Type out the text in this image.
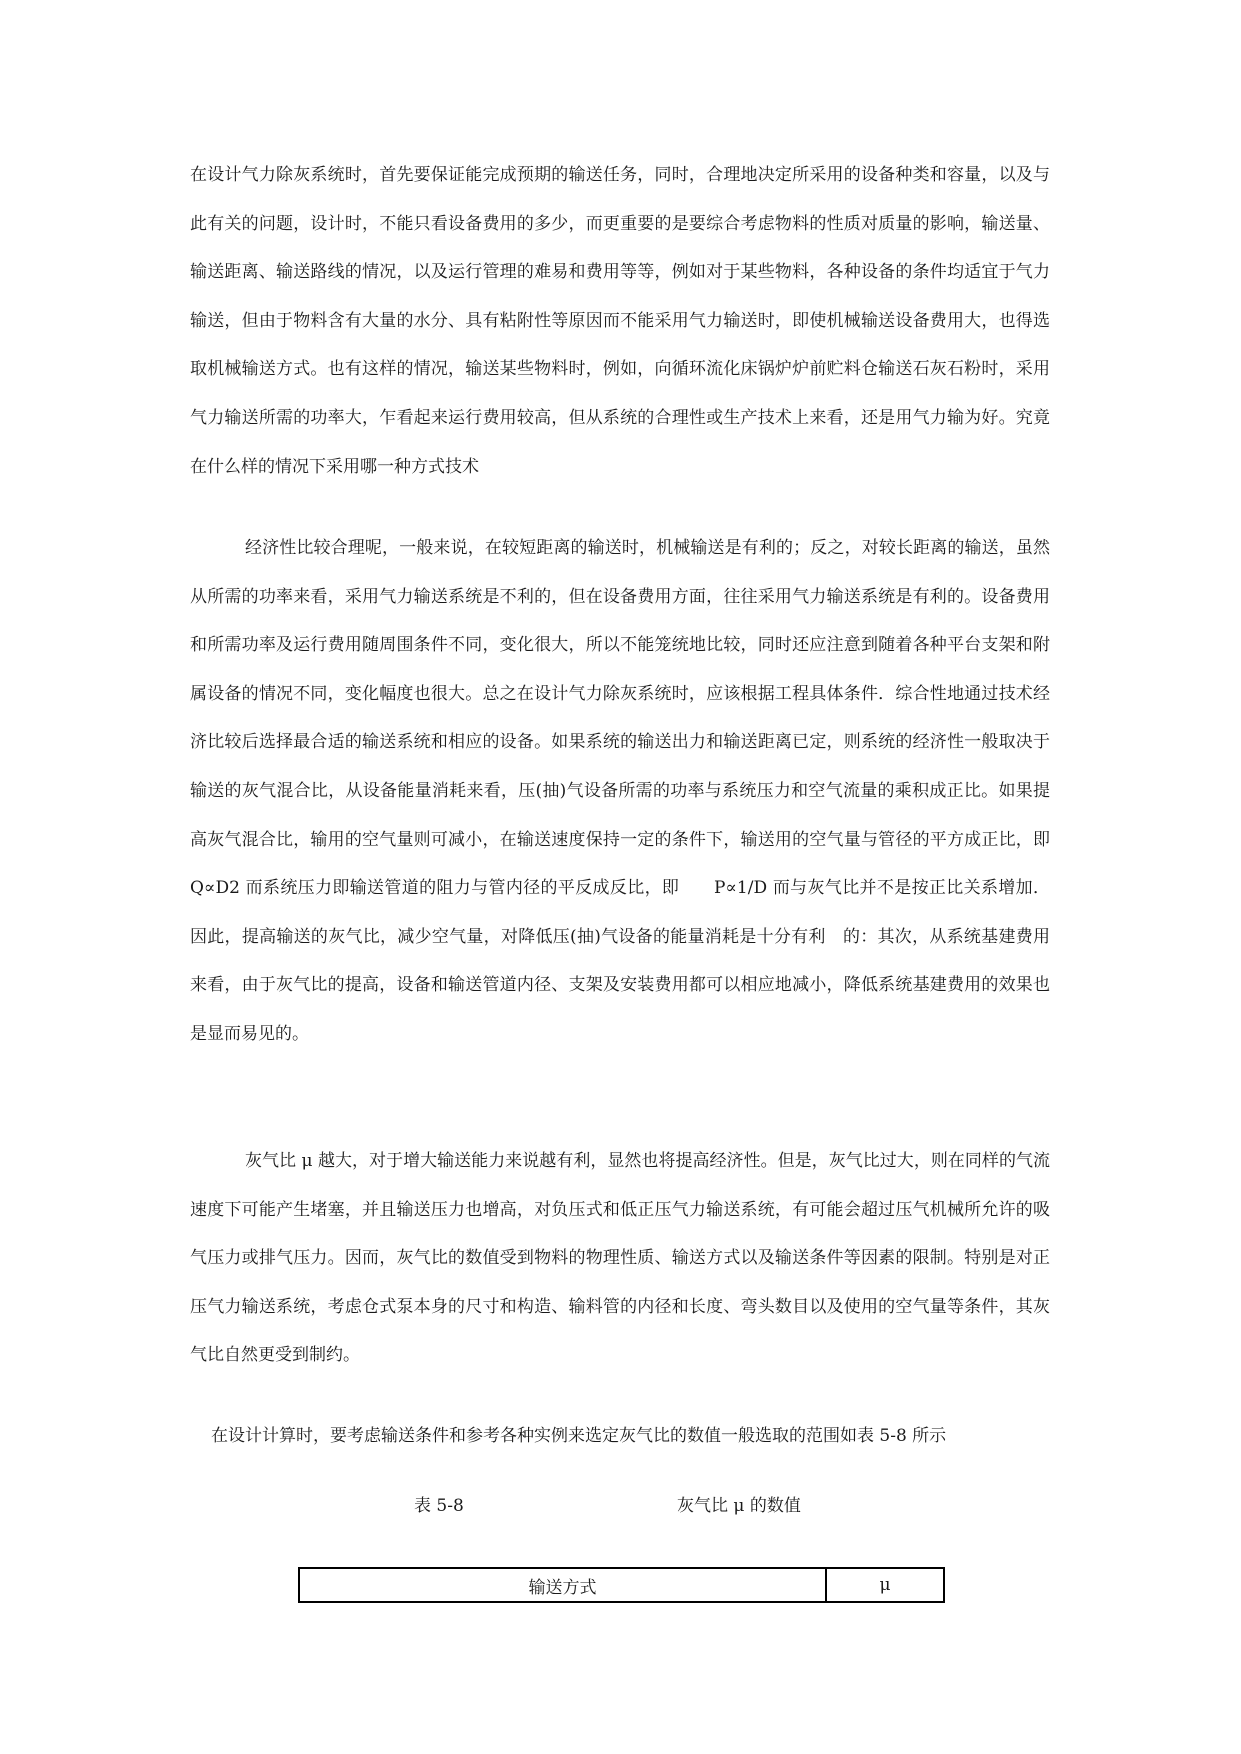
在设计气力除灰系统时，首先要保证能完成预期的输送任务，同时，合理地决定所采用的设备种类和容量，以及与此有关的问题，设计时，不能只看设备费用的多少，而更重要的是要综合考虑物料的性质对质量的影响，输送量、输送距离、输送路线的情况，以及运行管理的难易和费用等等，例如对于某些物料，各种设备的条件均适宜于气力输送，但由于物料含有大量的水分、具有粘附性等原因而不能采用气力输送时，即使机械输送设备费用大，也得选取机械输送方式。也有这样的情况，输送某些物料时，例如，向循环流化床锅炉炉前贮料仓输送石灰石粉时，采用气力输送所需的功率大，乍看起来运行费用较高，但从系统的合理性或生产技术上来看，还是用气力输为好。究竟在什么样的情况下采用哪一种方式技术

经济性比较合理呢，一般来说，在较短距离的输送时，机械输送是有利的；反之，对较长距离的输送，虽然从所需的功率来看，采用气力输送系统是不利的，但在设备费用方面，往往采用气力输送系统是有利的。设备费用和所需功率及运行费用随周围条件不同，变化很大，所以不能笼统地比较，同时还应注意到随着各种平台支架和附属设备的情况不同，变化幅度也很大。总之在设计气力除灰系统时，应该根据工程具体条件．综合性地通过技术经济比较后选择最合适的输送系统和相应的设备。如果系统的输送出力和输送距离已定，则系统的经济性一般取决于输送的灰气混合比，从设备能量消耗来看，压(抽)气设备所需的功率与系统压力和空气流量的乘积成正比。如果提高灰气混合比，输用的空气量则可减小，在输送速度保持一定的条件下，输送用的空气量与管径的平方成正比，即　　Q∝D2 而系统压力即输送管道的阻力与管内径的平反成反比，即　　P∝1/D 而与灰气比并不是按正比关系增加．因此，提高输送的灰气比，减少空气量，对降低压(抽)气设备的能量消耗是十分有利　的：其次，从系统基建费用来看，由于灰气比的提高，设备和输送管道内径、支架及安装费用都可以相应地减小，降低系统基建费用的效果也是显而易见的。

灰气比 μ 越大，对于增大输送能力来说越有利，显然也将提高经济性。但是，灰气比过大，则在同样的气流速度下可能产生堵塞，并且输送压力也增高，对负压式和低正压气力输送系统，有可能会超过压气机械所允许的吸气压力或排气压力。因而，灰气比的数值受到物料的物理性质、输送方式以及输送条件等因素的限制。特别是对正压气力输送系统，考虑仓式泵本身的尺寸和构造、输料管的内径和长度、弯头数目以及使用的空气量等条件，其灰气比自然更受到制约。

在设计计算时，要考虑输送条件和参考各种实例来选定灰气比的数值一般选取的范围如表 5-8 所示

表 5-8	灰气比 μ 的数值
输送方式	μ
